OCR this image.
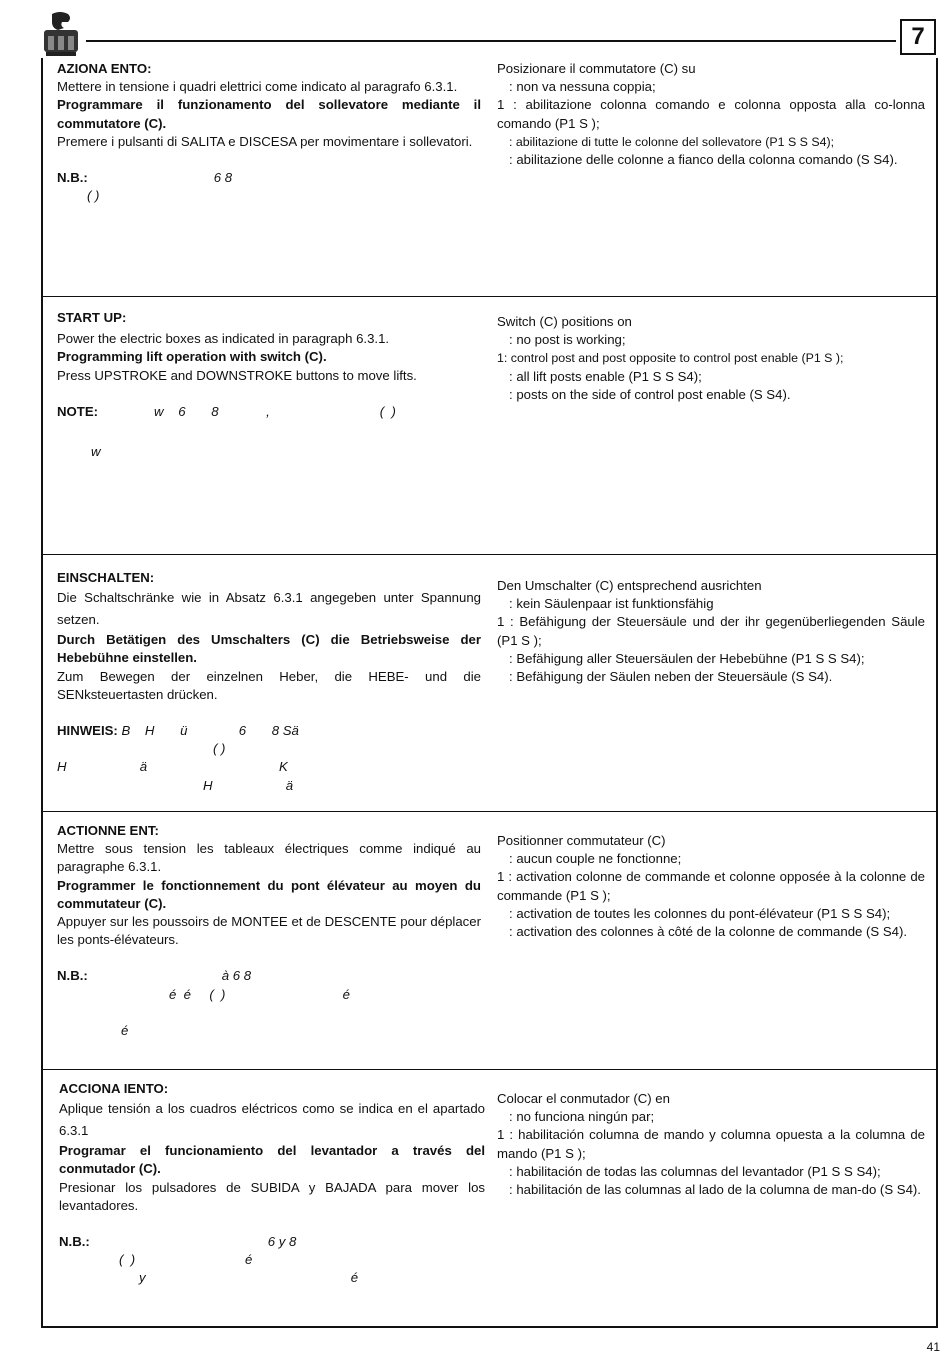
7

AZIONA ENTO:

Mettere in tensione i quadri elettrici come indicato al paragrafo 6.3.1.

Programmare il funzionamento del sollevatore mediante il commutatore (C).

Premere i pulsanti di SALITA e DISCESA per movimentare i sollevatori.

N.B.:	6 8

( )

Posizionare il commutatore (C) su

: non va nessuna coppia;

1 : abilitazione colonna comando e colonna opposta alla co-lonna comando (P1 S );

: abilitazione di tutte le colonne del sollevatore (P1 S S S4);

: abilitazione delle colonne a fianco della colonna comando (S S4).

START UP:

Power the electric boxes as indicated in paragraph 6.3.1.

Programming lift operation with switch (C).

Press UPSTROKE and DOWNSTROKE buttons to move lifts.

NOTE:	w    6       8             ,                              (  )

w

Switch (C) positions on

: no post is working;

1: control post and post opposite to control post enable (P1 S );

: all lift posts enable (P1 S S S4);

: posts on the side of control post enable (S S4).

EINSCHALTEN:

Die Schaltschränke wie in Absatz 6.3.1 angegeben unter Spannung setzen.

Durch Betätigen des Umschalters (C) die Betriebsweise der Hebebühne einstellen.

Zum Bewegen der einzelnen Heber, die HEBE- und die SENksteuertasten drücken.

HINWEIS: B    H       ü              6       8 Sä

( )

H                    ä                                    K

H                    ä

Den Umschalter (C) entsprechend ausrichten

: kein Säulenpaar ist funktionsfähig

1 : Befähigung der Steuersäule und der ihr gegenüberliegenden Säule (P1 S );

: Befähigung aller Steuersäulen der Hebebühne (P1 S S S4);

: Befähigung der Säulen neben der Steuersäule (S S4).

ACTIONNE ENT:

Mettre sous tension les tableaux électriques comme indiqué au paragraphe 6.3.1.

Programmer le fonctionnement du pont élévateur au moyen du commutateur (C).

Appuyer sur les poussoirs de MONTEE et de DESCENTE pour déplacer les ponts-élévateurs.

N.B.:	à 6 8

é  é     (  )                                é

é

Positionner commutateur (C)

: aucun couple ne fonctionne;

1 : activation colonne de commande et colonne opposée à la colonne de commande (P1 S );

: activation de toutes les colonnes du pont-élévateur (P1 S S S4);

: activation des colonnes à côté de la colonne de commande (S S4).

ACCIONA IENTO:

Aplique tensión a los cuadros eléctricos como se indica en el apartado 6.3.1

Programar el funcionamiento del levantador a través del conmutador (C).

Presionar los pulsadores de SUBIDA y BAJADA para mover los levantadores.

N.B.:	6 y 8

(  )                              é

y                                                        é

Colocar el conmutador (C) en

: no funciona ningún par;

1 : habilitación columna de mando y columna opuesta a la columna de mando (P1 S );

: habilitación de todas las columnas del levantador (P1 S S S4);

: habilitación de las columnas al lado de la columna de man-do (S S4).

41
